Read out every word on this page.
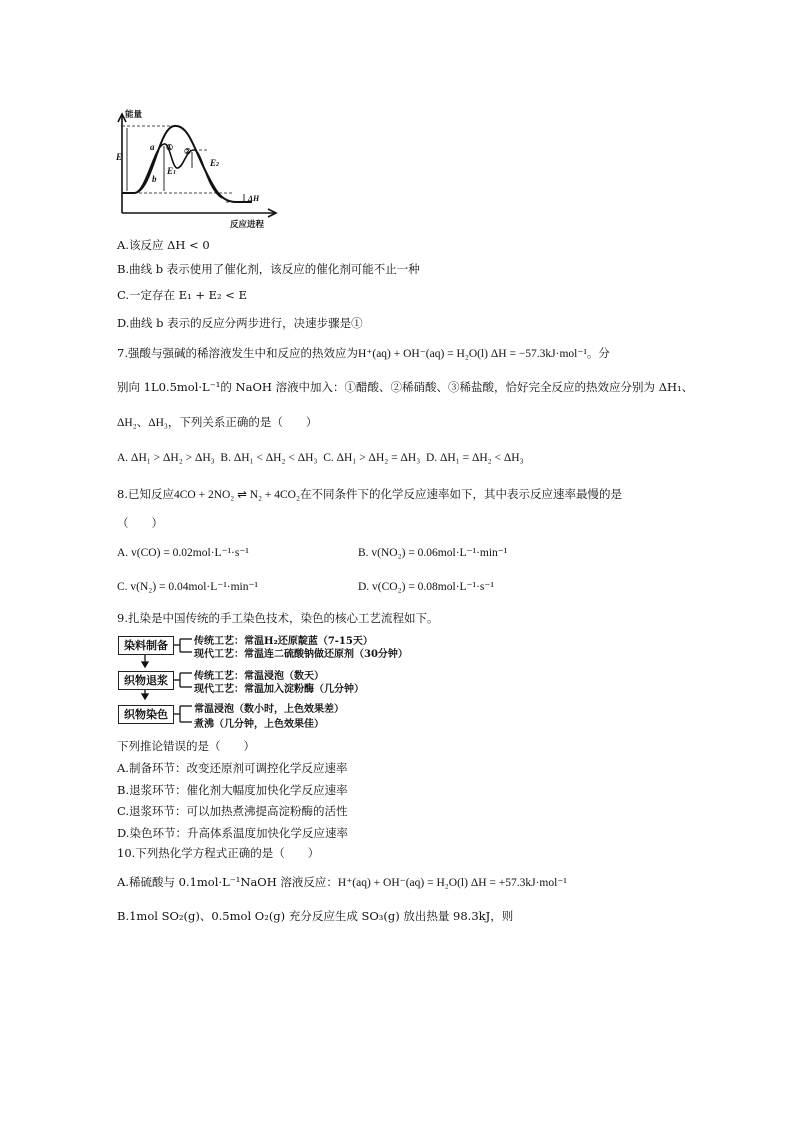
能量
E
a
b
E1
E2
① ②
ΔH
反应进程
A.该反应 ΔH < 0
B.曲线 b 表示使用了催化剂，该反应的催化剂可能不止一种
C.一定存在 E₁ + E₂ < E
D.曲线 b 表示的反应分两步进行，决速步骤是①
7.强酸与强碱的稀溶液发生中和反应的热效应为H⁺(aq) + OH⁻(aq) = H₂O(l) ΔH = −57.3kJ·mol⁻¹。分
别向 1L0.5mol·L⁻¹的 NaOH 溶液中加入：①醋酸、②稀硝酸、③稀盐酸，恰好完全反应的热效应分别为 ΔH₁、
ΔH₂、ΔH₃，下列关系正确的是（　　）
A. ΔH₁ > ΔH₂ > ΔH₃ B. ΔH₁ < ΔH₂ < ΔH₃ C. ΔH₁ > ΔH₂ = ΔH₃ D. ΔH₁ = ΔH₂ < ΔH₃
8.已知反应4CO + 2NO₂ ⇌ N₂ + 4CO₂在不同条件下的化学反应速率如下，其中表示反应速率最慢的是
（　　）
A. v(CO) = 0.02mol·L⁻¹·s⁻¹	B. v(NO₂) = 0.06mol·L⁻¹·min⁻¹
C. v(N₂) = 0.04mol·L⁻¹·min⁻¹	D. v(CO₂) = 0.08mol·L⁻¹·s⁻¹
9.扎染是中国传统的手工染色技术，染色的核心工艺流程如下。
染料制备
织物退浆
织物染色
传统工艺：常温H₂还原靛蓝（7-15天）
现代工艺：常温连二硫酸钠做还原剂（30分钟）
传统工艺：常温浸泡（数天）
现代工艺：常温加入淀粉酶（几分钟）
常温浸泡（数小时，上色效果差）
煮沸（几分钟，上色效果佳）
下列推论错误的是（　　）
A.制备环节：改变还原剂可调控化学反应速率
B.退浆环节：催化剂大幅度加快化学反应速率
C.退浆环节：可以加热煮沸提高淀粉酶的活性
D.染色环节：升高体系温度加快化学反应速率
10.下列热化学方程式正确的是（　　）
A.稀硫酸与 0.1mol·L⁻¹NaOH 溶液反应：H⁺(aq) + OH⁻(aq) = H₂O(l) ΔH = +57.3kJ·mol⁻¹
B.1mol SO₂(g)、0.5mol O₂(g) 充分反应生成 SO₃(g) 放出热量 98.3kJ，则
